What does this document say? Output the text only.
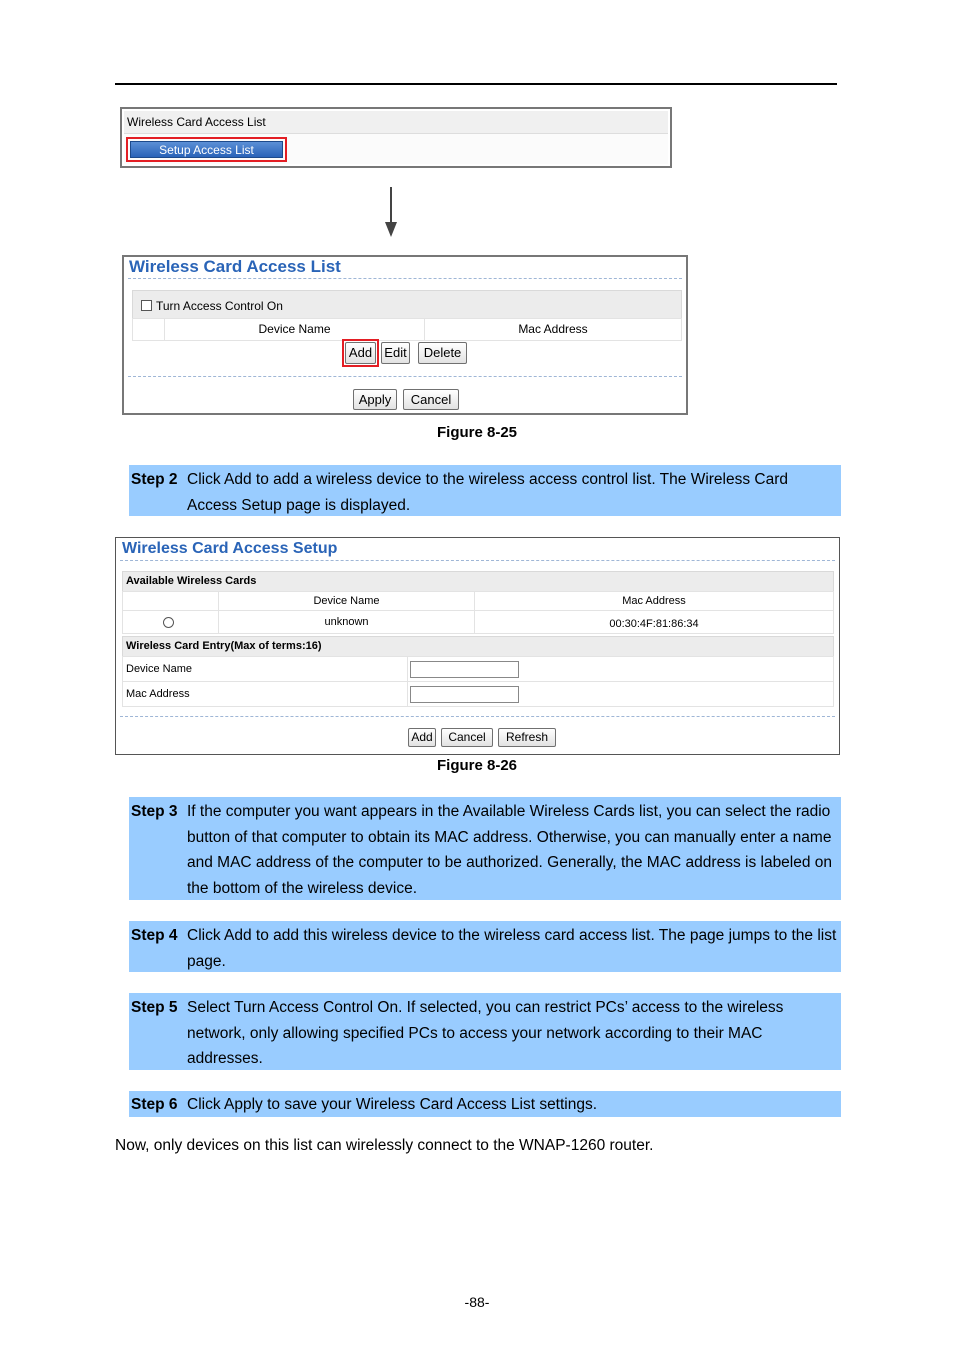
Wireless Card Access List
Setup Access List
Wireless Card Access List
Turn Access Control On
Device Name	Mac Address
Add Edit	Delete
Apply	Cancel
Figure 8-25
Step 2 Click Add to add a wireless device to the wireless access control list. The Wireless Card Access Setup page is displayed.
Wireless Card Access Setup
Available Wireless Cards
Device Name	Mac Address
unknown	00:30:4F:81:86:34
Wireless Card Entry(Max of terms:16)
Device Name
Mac Address
Add	Cancel	Refresh
Figure 8-26
Step 3 If the computer you want appears in the Available Wireless Cards list, you can select the radio button of that computer to obtain its MAC address. Otherwise, you can manually enter a name and MAC address of the computer to be authorized. Generally, the MAC address is labeled on the bottom of the wireless device.
Step 4 Click Add to add this wireless device to the wireless card access list. The page jumps to the list page.
Step 5 Select Turn Access Control On. If selected, you can restrict PCs’ access to the wireless network, only allowing specified PCs to access your network according to their MAC addresses.
Step 6 Click Apply to save your Wireless Card Access List settings.
Now, only devices on this list can wirelessly connect to the WNAP-1260 router.
-88-
